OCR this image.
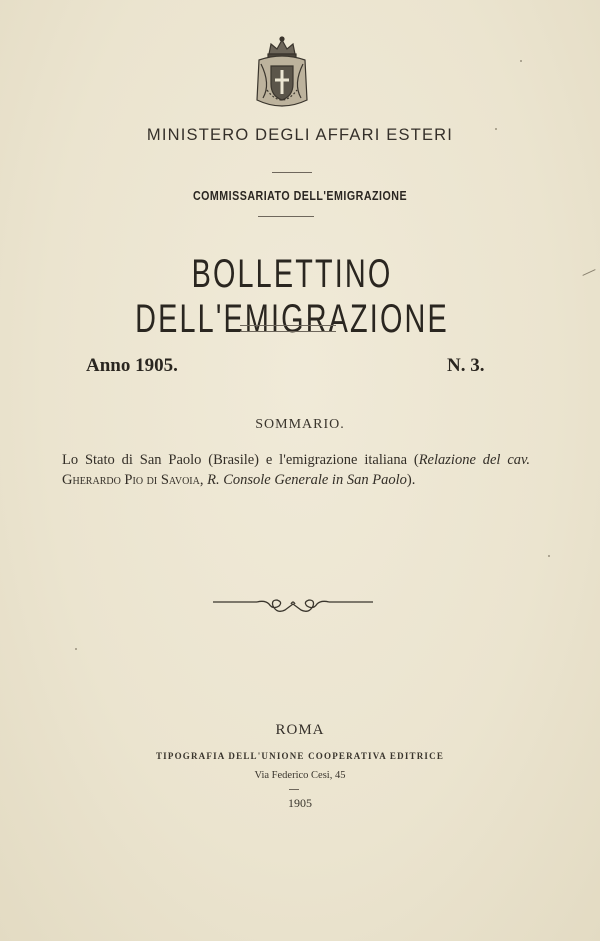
MINISTERO DEGLI AFFARI ESTERI
COMMISSARIATO DELL'EMIGRAZIONE
BOLLETTINO DELL'EMIGRAZIONE
Anno 1905.	N. 3.
SOMMARIO.
Lo Stato di San Paolo (Brasile) e l'emigrazione italiana (Relazione del cav. Gherardo Pio di Savoia, R. Console Generale in San Paolo).
ROMA
TIPOGRAFIA DELL'UNIONE COOPERATIVA EDITRICE
Via Federico Cesi, 45
1905
